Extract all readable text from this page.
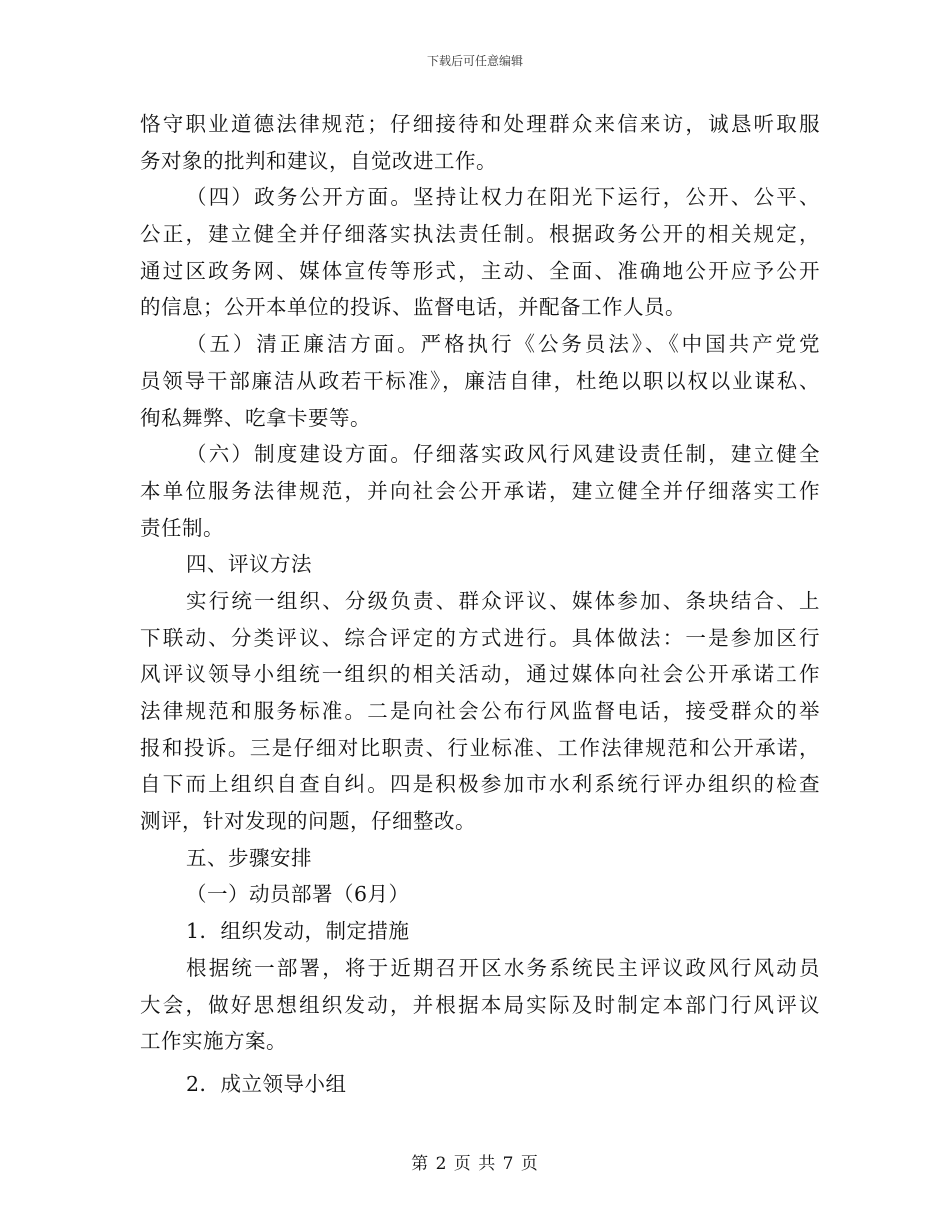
下载后可任意编辑
恪守职业道德法律规范；仔细接待和处理群众来信来访，诚恳听取服
务对象的批判和建议，自觉改进工作。
（四）政务公开方面。坚持让权力在阳光下运行，公开、公平、
公正，建立健全并仔细落实执法责任制。根据政务公开的相关规定，
通过区政务网、媒体宣传等形式，主动、全面、准确地公开应予公开
的信息；公开本单位的投诉、监督电话，并配备工作人员。
（五）清正廉洁方面。严格执行《公务员法》、《中国共产党党
员领导干部廉洁从政若干标准》，廉洁自律，杜绝以职以权以业谋私、
徇私舞弊、吃拿卡要等。
（六）制度建设方面。仔细落实政风行风建设责任制，建立健全
本单位服务法律规范，并向社会公开承诺，建立健全并仔细落实工作
责任制。
四、评议方法
实行统一组织、分级负责、群众评议、媒体参加、条块结合、上
下联动、分类评议、综合评定的方式进行。具体做法：一是参加区行
风评议领导小组统一组织的相关活动，通过媒体向社会公开承诺工作
法律规范和服务标准。二是向社会公布行风监督电话，接受群众的举
报和投诉。三是仔细对比职责、行业标准、工作法律规范和公开承诺，
自下而上组织自查自纠。四是积极参加市水利系统行评办组织的检查
测评，针对发现的问题，仔细整改。
五、步骤安排
（一）动员部署（6月）
1．组织发动，制定措施
根据统一部署，将于近期召开区水务系统民主评议政风行风动员
大会，做好思想组织发动，并根据本局实际及时制定本部门行风评议
工作实施方案。
2．成立领导小组
第 2 页 共 7 页
